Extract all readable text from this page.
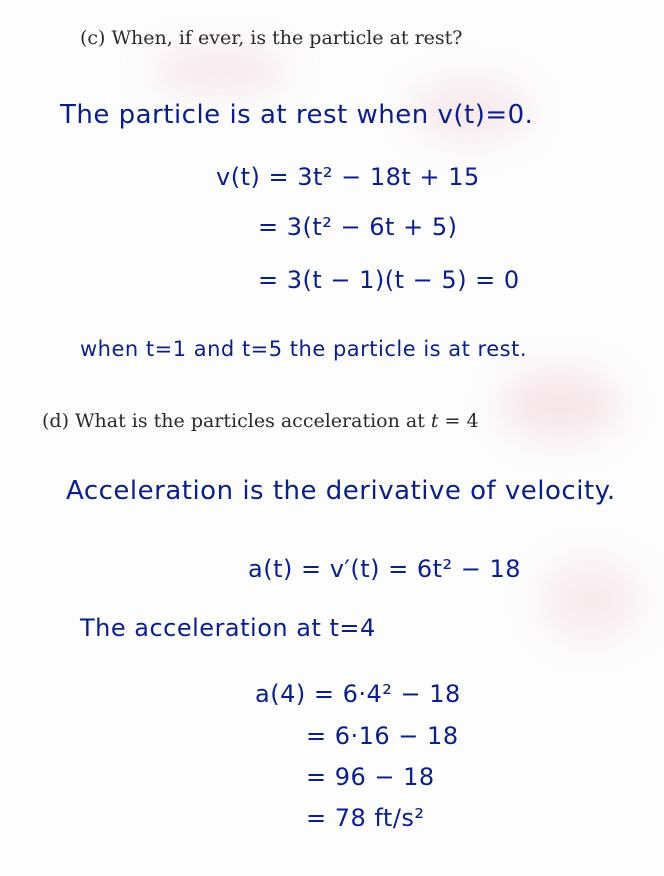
(c) When, if ever, is the particle at rest?
The particle is at rest when v(t)=0.
v(t) = 3t² − 18t + 15
= 3(t² − 6t + 5)
= 3(t − 1)(t − 5) = 0
when t=1 and t=5 the particle is at rest.
(d) What is the particles acceleration at t = 4
Acceleration is the derivative of velocity.
a(t) = v′(t) = 6t² − 18
The acceleration at t=4
a(4) = 6·4² − 18
= 6·16 − 18
= 96 − 18
= 78 ft/s²
